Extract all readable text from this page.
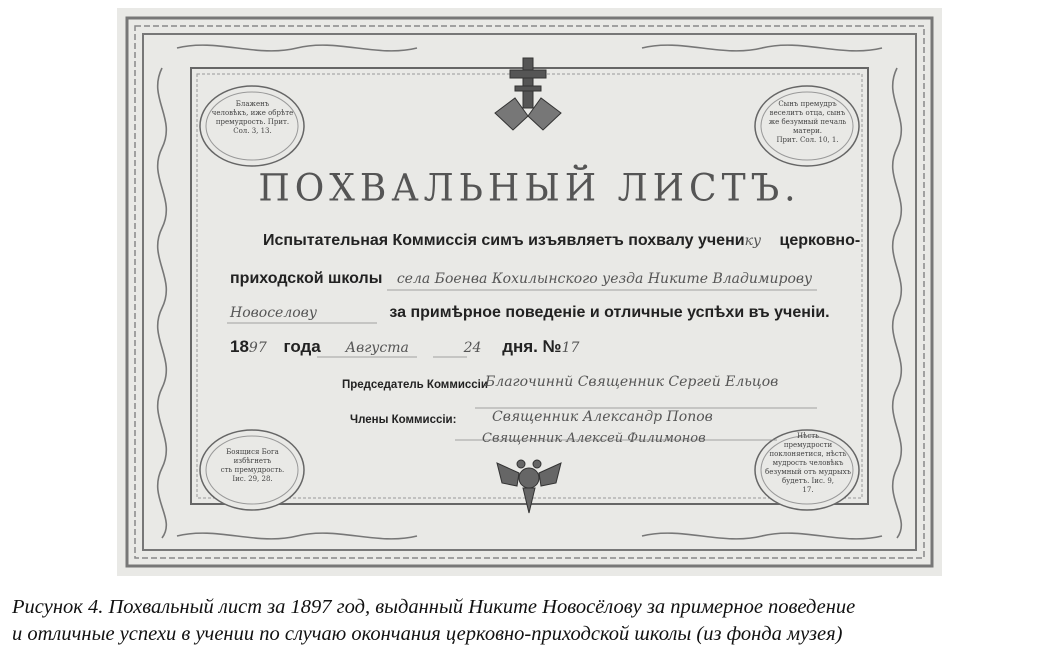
ПОХВАЛЬНЫЙ ЛИСТЪ.
Блаженъ
человѣкъ, иже обрѣте
премудрость. Прит.
Сол. 3, 13.
Сынъ премудръ
веселитъ отца, сынъ
же безумный печаль матери.
Прит. Сол. 10, 1.
Боящися Бога
избѣгнетъ
сть премудрость.
Іис. 29, 28.
Нѣсть
премудрости
поклоняетися, нѣсть
мудрость человѣкъ
безумный отъ мудрыхъ
будетъ. Іис. 9,
17.
Испытательная Коммиссія симъ изъявляетъ похвалу ученику церковно-
приходской школы села Боенва Кохилынского уезда Никите Владимирову
Новоселову	за примѣрное поведеніе и отличные успѣхи въ ученіи.
1897 года Августа	24 дня. №17
Председатель Коммиссіи
Благочиннй Священник Сергей Ельцов
Члены Коммиссіи:	Священник Александр Попов
Священник Алексей Филимонов
Рисунок 4. Похвальный лист за 1897 год, выданный Никите Новосёлову за примерное поведение
и отличные успехи в учении по случаю окончания церковно-приходской школы (из фонда музея)
